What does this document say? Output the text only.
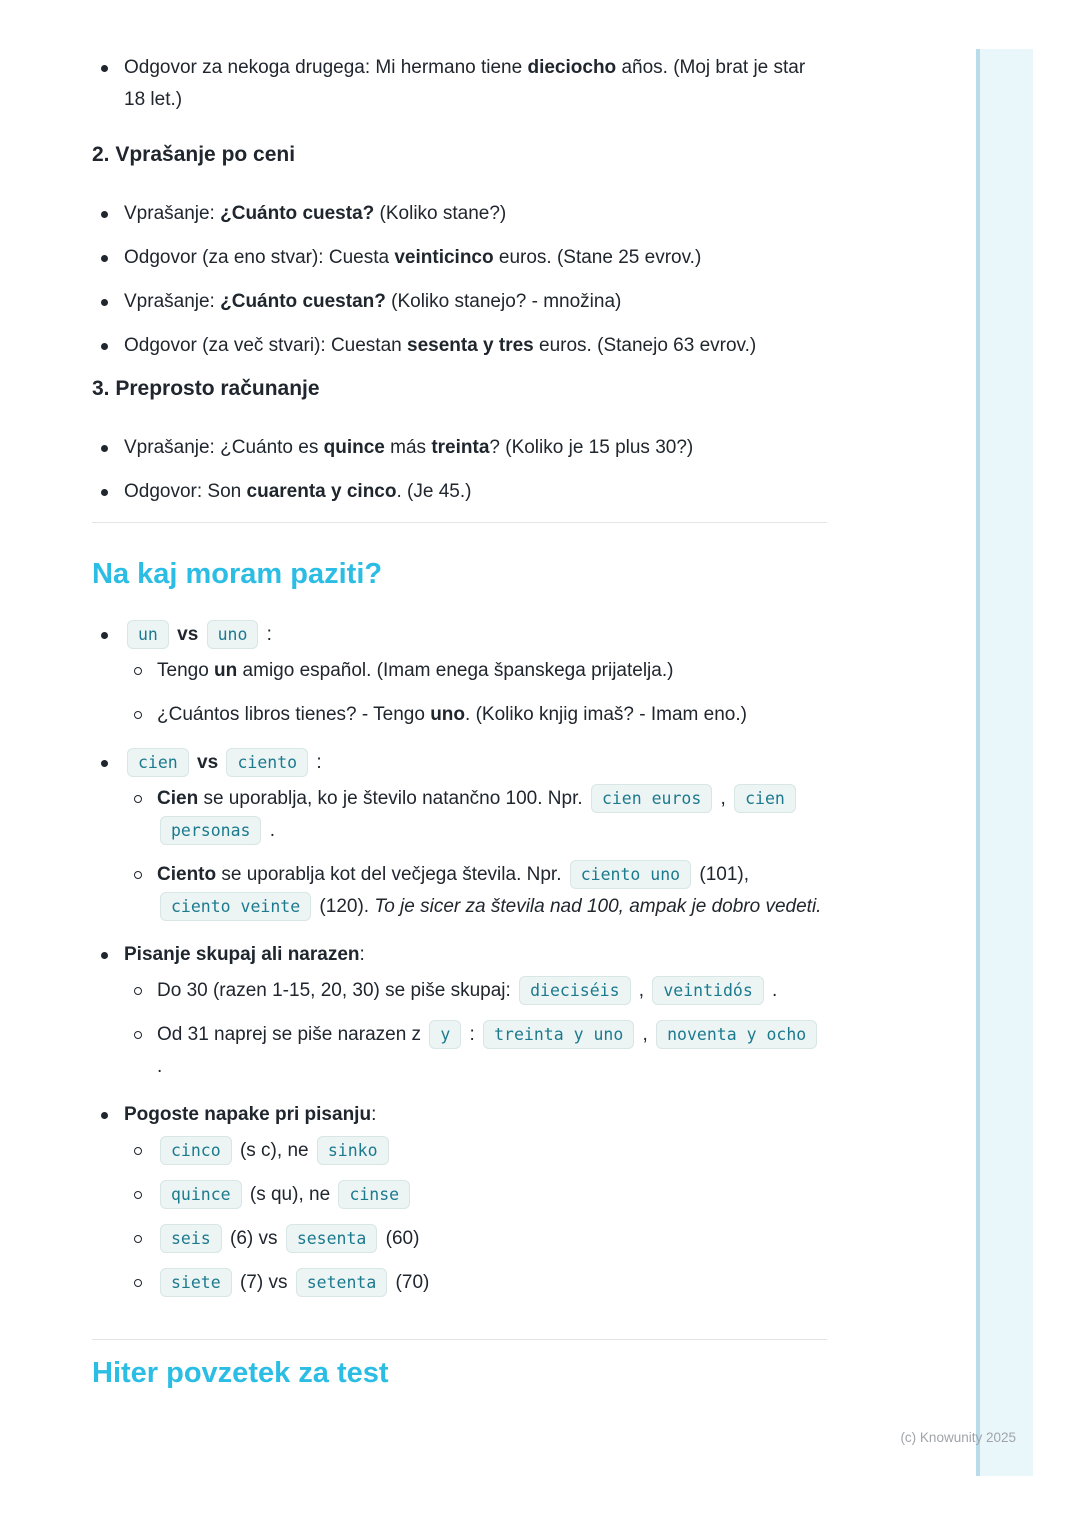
(c) Knowunity 2025
Odgovor za nekoga drugega: Mi hermano tiene dieciocho años. (Moj brat je star 18 let.)
2. Vprašanje po ceni
Vprašanje: ¿Cuánto cuesta? (Koliko stane?)
Odgovor (za eno stvar): Cuesta veinticinco euros. (Stane 25 evrov.)
Vprašanje: ¿Cuánto cuestan? (Koliko stanejo? - množina)
Odgovor (za več stvari): Cuestan sesenta y tres euros. (Stanejo 63 evrov.)
3. Preprosto računanje
Vprašanje: ¿Cuánto es quince más treinta? (Koliko je 15 plus 30?)
Odgovor: Son cuarenta y cinco. (Je 45.)
Na kaj moram paziti?
un vs uno :
Tengo un amigo español. (Imam enega španskega prijatelja.)
¿Cuántos libros tienes? - Tengo uno. (Koliko knjig imaš? - Imam eno.)
cien vs ciento :
Cien se uporablja, ko je število natančno 100. Npr. cien euros , cien personas .
Ciento se uporablja kot del večjega števila. Npr. ciento uno (101), ciento veinte (120). To je sicer za števila nad 100, ampak je dobro vedeti.
Pisanje skupaj ali narazen:
Do 30 (razen 1-15, 20, 30) se piše skupaj: dieciséis , veintidós .
Od 31 naprej se piše narazen z y : treinta y uno , noventa y ocho .
Pogoste napake pri pisanju:
cinco (s c), ne sinko
quince (s qu), ne cinse
seis (6) vs sesenta (60)
siete (7) vs setenta (70)
Hiter povzetek za test
